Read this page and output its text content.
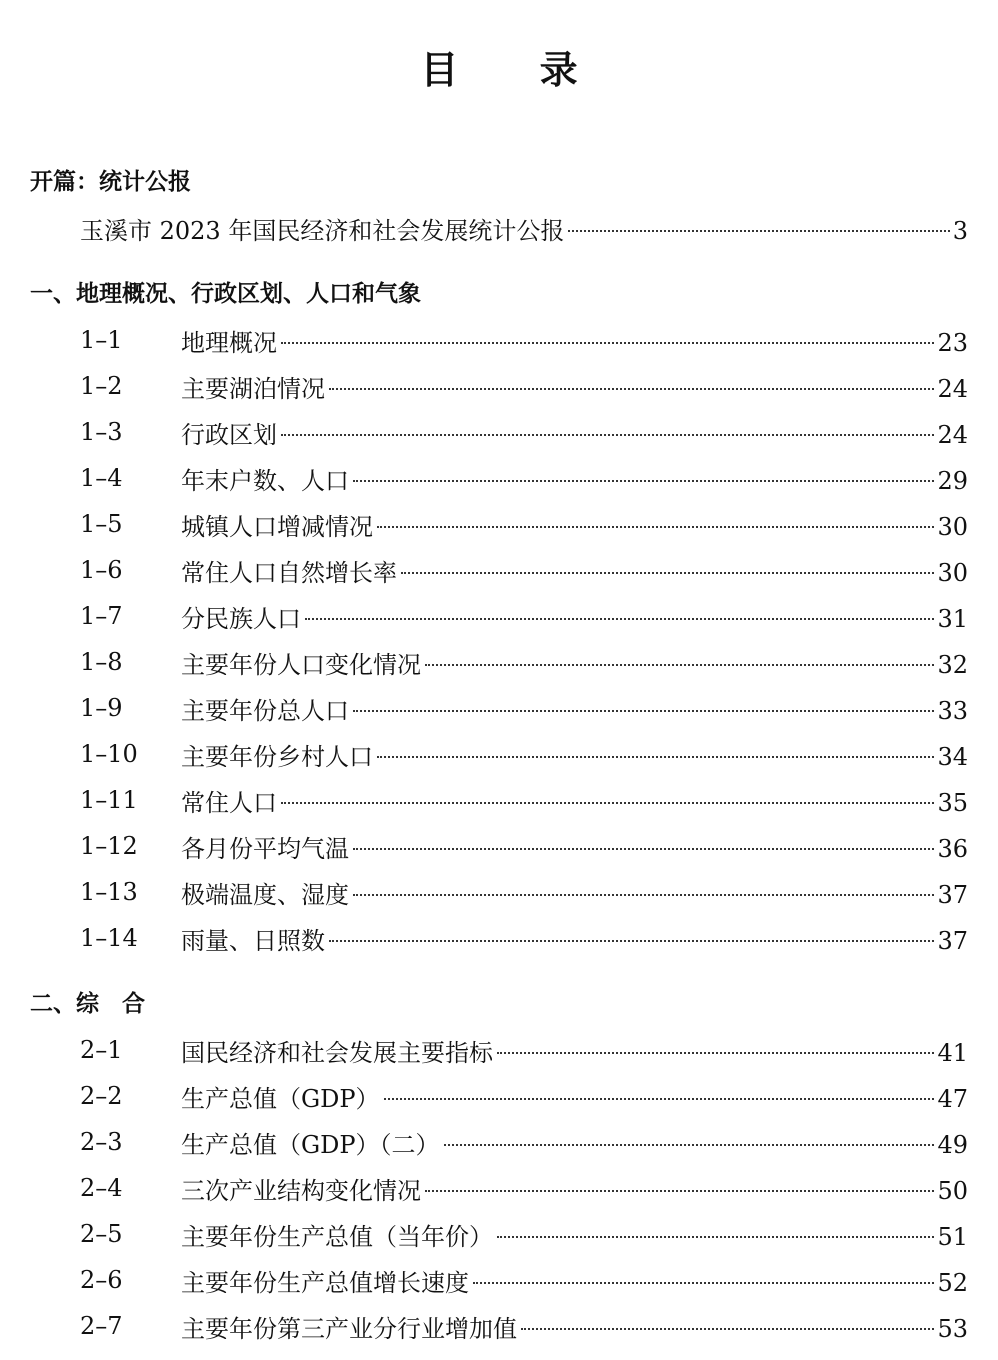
目 录
开篇：统计公报
玉溪市 2023 年国民经济和社会发展统计公报	3
一、地理概况、行政区划、人口和气象
1–1	地理概况	23
1–2	主要湖泊情况	24
1–3	行政区划	24
1–4	年末户数、人口	29
1–5	城镇人口增减情况	30
1–6	常住人口自然增长率	30
1–7	分民族人口	31
1–8	主要年份人口变化情况	32
1–9	主要年份总人口	33
1–10	主要年份乡村人口	34
1–11	常住人口	35
1–12	各月份平均气温	36
1–13	极端温度、湿度	37
1–14	雨量、日照数	37
二、综　合
2–1	国民经济和社会发展主要指标	41
2–2	生产总值（GDP）	47
2–3	生产总值（GDP）（二）	49
2–4	三次产业结构变化情况	50
2–5	主要年份生产总值（当年价）	51
2–6	主要年份生产总值增长速度	52
2–7	主要年份第三产业分行业增加值	53
